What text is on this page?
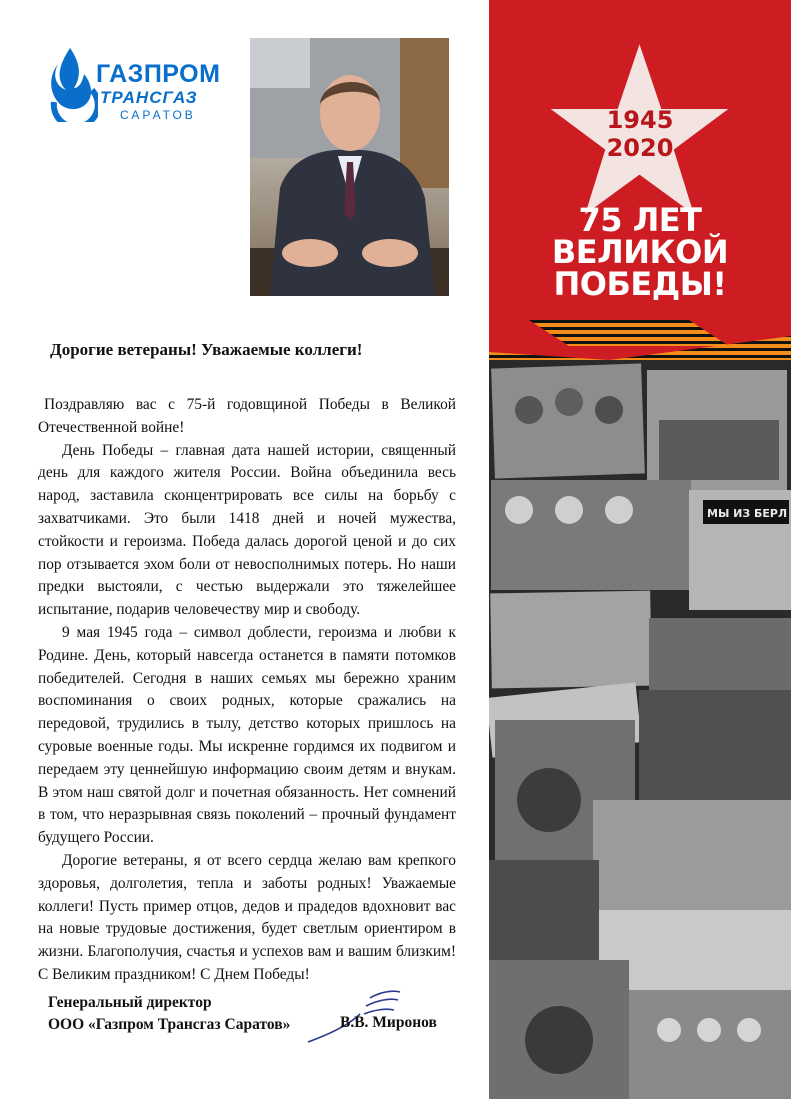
ГАЗПРОМ
ТРАНСГАЗ
САРАТОВ
Дорогие ветераны! Уважаемые коллеги!

Поздравляю вас с 75-й годовщиной Победы в Великой Отечественной войне!

День Победы – главная дата нашей истории, священный день для каждого жителя России. Война объединила весь народ, заставила сконцентрировать все силы на борьбу с захватчиками. Это были 1418 дней и ночей мужества, стойкости и героизма. Победа далась дорогой ценой и до сих пор отзывается эхом боли от невосполнимых потерь. Но наши предки выстояли, с честью выдержали это тяжелейшее испытание, подарив человечеству мир и свободу.

9 мая 1945 года – символ доблести, героизма и любви к Родине. День, который навсегда останется в памяти потомков победителей. Сегодня в наших семьях мы бережно храним воспоминания о своих родных, которые сражались на передовой, трудились в тылу, детство которых пришлось на суровые военные годы. Мы искренне гордимся их подвигом и передаем эту ценнейшую информацию своим детям и внукам. В этом наш святой долг и почетная обязанность. Нет сомнений в том, что неразрывная связь поколений – прочный фундамент будущего России.

Дорогие ветераны, я от всего сердца желаю вам крепкого здоровья, долголетия, тепла и заботы родных! Уважаемые коллеги! Пусть пример отцов, дедов и прадедов вдохновит вас на новые трудовые достижения, будет светлым ориентиром в жизни. Благополучия, счастья и успехов вам и вашим близким! С Великим праздником! С Днем Победы!

Генеральный директор
ООО «Газпром Трансгаз Саратов»	В.В. Миронов
1945
2020
75 ЛЕТ
ВЕЛИКОЙ
ПОБЕДЫ!
МЫ ИЗ БЕРЛ
